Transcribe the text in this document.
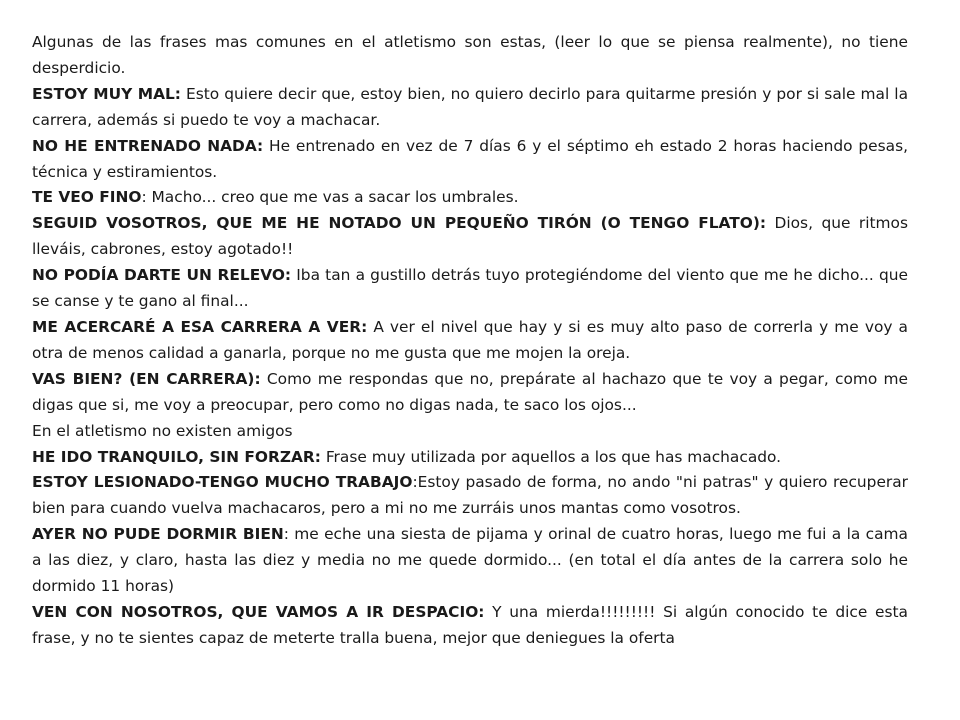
Algunas de las frases mas comunes en el atletismo son estas, (leer lo que se piensa realmente), no tiene desperdicio.

ESTOY MUY MAL: Esto quiere decir que, estoy bien, no quiero decirlo para quitarme presión y por si sale mal la carrera, además si puedo te voy a machacar.

NO HE ENTRENADO NADA: He entrenado en vez de 7 días 6 y el séptimo eh estado 2 horas haciendo pesas, técnica y estiramientos.

TE VEO FINO: Macho... creo que me vas a sacar los umbrales.

SEGUID VOSOTROS, QUE ME HE NOTADO UN PEQUEÑO TIRÓN (O TENGO FLATO): Dios, que ritmos lleváis, cabrones, estoy agotado!!

NO PODÍA DARTE UN RELEVO: Iba tan a gustillo detrás tuyo protegiéndome del viento que me he dicho... que se canse y te gano al final...

ME ACERCARÉ A ESA CARRERA A VER: A ver el nivel que hay y si es muy alto paso de correrla y me voy a otra de menos calidad a ganarla, porque no me gusta que me mojen la oreja.

VAS BIEN? (EN CARRERA): Como me respondas que no, prepárate al hachazo que te voy a pegar, como me digas que si, me voy a preocupar, pero como no digas nada, te saco los ojos...

En el atletismo no existen amigos

HE IDO TRANQUILO, SIN FORZAR: Frase muy utilizada por aquellos a los que has machacado.

ESTOY LESIONADO-TENGO MUCHO TRABAJO:Estoy pasado de forma, no ando "ni patras" y quiero recuperar bien para cuando vuelva machacaros, pero a mi no me zurráis unos mantas como vosotros.

AYER NO PUDE DORMIR BIEN: me eche una siesta de pijama y orinal de cuatro horas, luego me fui a la cama a las diez, y claro, hasta las diez y media no me quede dormido... (en total el día antes de la carrera solo he dormido 11 horas)

VEN CON NOSOTROS, QUE VAMOS A IR DESPACIO: Y una mierda!!!!!!!!! Si algún conocido te dice esta frase, y no te sientes capaz de meterte tralla buena, mejor que deniegues la oferta
